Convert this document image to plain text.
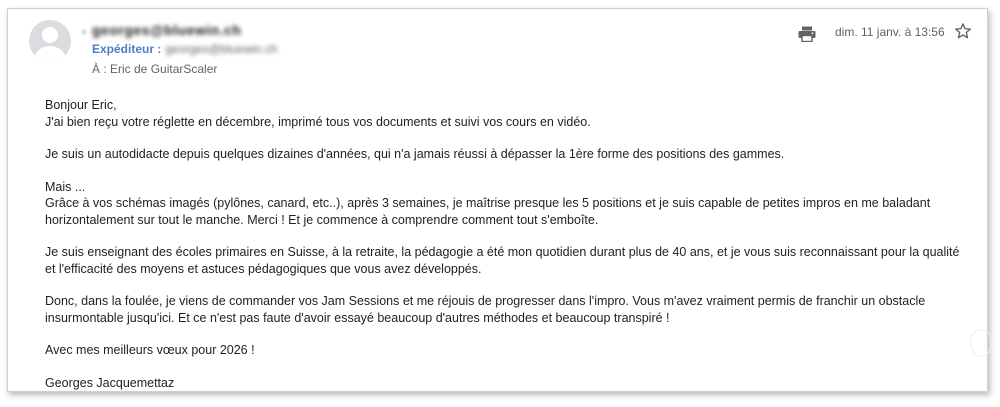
georges@bluewin.ch
Expéditeur : georges@bluewin.ch
À : Eric de GuitarScaler
dim. 11 janv. à 13:56

Bonjour Eric,
J'ai bien reçu votre réglette en décembre, imprimé tous vos documents et suivi vos cours en vidéo.

Je suis un autodidacte depuis quelques dizaines d'années, qui n'a jamais réussi à dépasser la 1ère forme des positions des gammes.

Mais ...
Grâce à vos schémas imagés (pylônes, canard, etc..), après 3 semaines, je maîtrise presque les 5 positions et je suis capable de petites impros en me baladant horizontalement sur tout le manche. Merci ! Et je commence à comprendre comment tout s'emboîte.

Je suis enseignant des écoles primaires en Suisse, à la retraite, la pédagogie a été mon quotidien durant plus de 40 ans, et je vous suis reconnaissant pour la qualité et l'efficacité des moyens et astuces pédagogiques que vous avez développés.

Donc, dans la foulée, je viens de commander vos Jam Sessions et me réjouis de progresser dans l'impro. Vous m'avez vraiment permis de franchir un obstacle insurmontable jusqu'ici. Et ce n'est pas faute d'avoir essayé beaucoup d'autres méthodes et beaucoup transpiré !

Avec mes meilleurs vœux pour 2026 !

Georges Jacquemettaz
